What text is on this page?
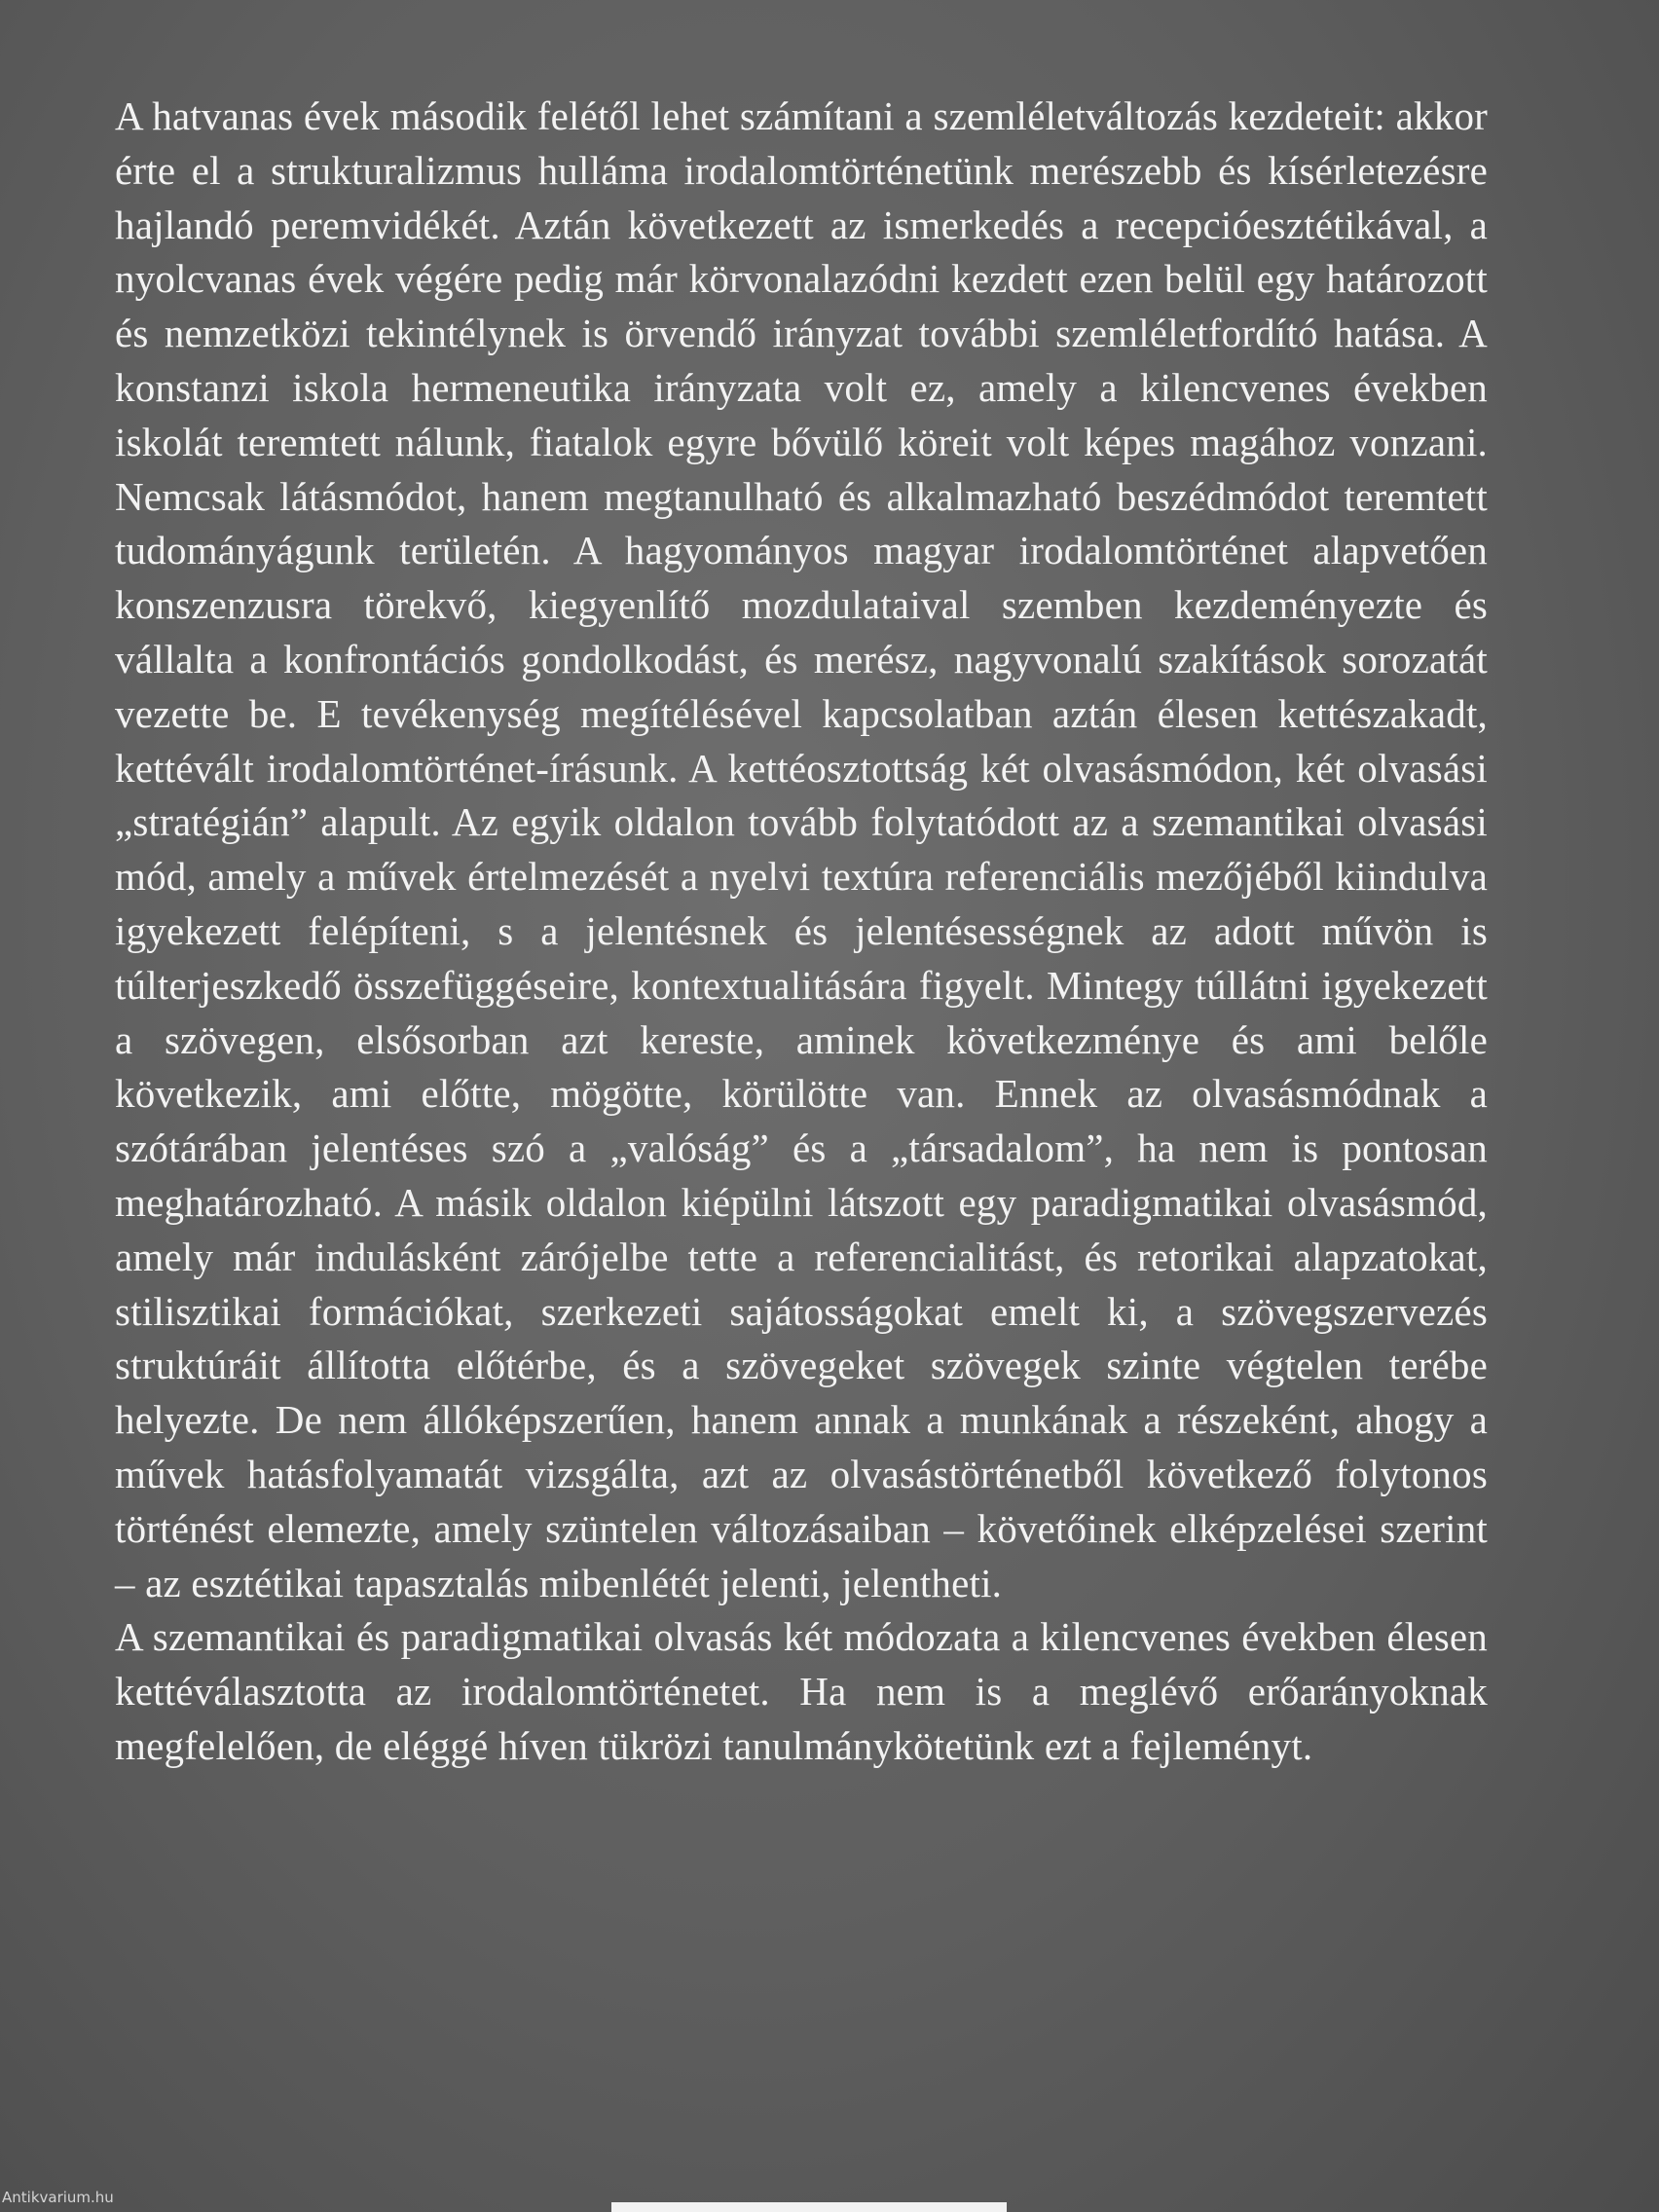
A hatvanas évek második felétől lehet számítani a szemléletváltozás kezdeteit: akkor érte el a strukturalizmus hulláma irodalomtörténetünk merészebb és kísérletezésre hajlandó peremvidékét. Aztán következett az ismerkedés a recepcióesztétikával, a nyolcvanas évek végére pedig már körvonalazódni kezdett ezen belül egy határozott és nemzetközi tekintélynek is örvendő irányzat további szemléletfordító hatása. A konstanzi iskola hermeneutika irányzata volt ez, amely a kilencvenes években iskolát teremtett nálunk, fiatalok egyre bővülő köreit volt képes magához vonzani. Nemcsak látásmódot, hanem megtanulható és alkalmazható beszédmódot teremtett tudományágunk területén. A hagyományos magyar irodalomtörténet alapvetően konszenzusra törekvő, kiegyenlítő mozdulataival szemben kezdeményezte és vállalta a konfrontációs gondolkodást, és merész, nagyvonalú szakítások sorozatát vezette be. E tevékenység megítélésével kapcsolatban aztán élesen kettészakadt, kettévált irodalomtörténet-írásunk. A kettéosztottság két olvasásmódon, két olvasási „stratégián” alapult. Az egyik oldalon tovább folytatódott az a szemantikai olvasási mód, amely a művek értelmezését a nyelvi textúra referenciális mezőjéből kiindulva igyekezett felépíteni, s a jelentésnek és jelentésességnek az adott művön is túlterjeszkedő összefüggéseire, kontextualitására figyelt. Mintegy túllátni igyekezett a szövegen, elsősorban azt kereste, aminek következménye és ami belőle következik, ami előtte, mögötte, körülötte van. Ennek az olvasásmódnak a szótárában jelentéses szó a „valóság” és a „társadalom”, ha nem is pontosan meghatározható. A másik oldalon kiépülni látszott egy paradigmatikai olvasásmód, amely már indulásként zárójelbe tette a referencialitást, és retorikai alapzatokat, stilisztikai formációkat, szerkezeti sajátosságokat emelt ki, a szövegszervezés struktúráit állította előtérbe, és a szövegeket szövegek szinte végtelen terébe helyezte. De nem állóképszerűen, hanem annak a munkának a részeként, ahogy a művek hatásfolyamatát vizsgálta, azt az olvasástörténetből következő folytonos történést elemezte, amely szüntelen változásaiban – követőinek elképzelései szerint – az esztétikai tapasztalás mibenlétét jelenti, jelentheti.

A szemantikai és paradigmatikai olvasás két módozata a kilencvenes években élesen kettéválasztotta az irodalomtörténetet. Ha nem is a meglévő erőarányoknak megfelelően, de eléggé híven tükrözi tanulmánykötetünk ezt a fejleményt.

Antikvarium.hu
